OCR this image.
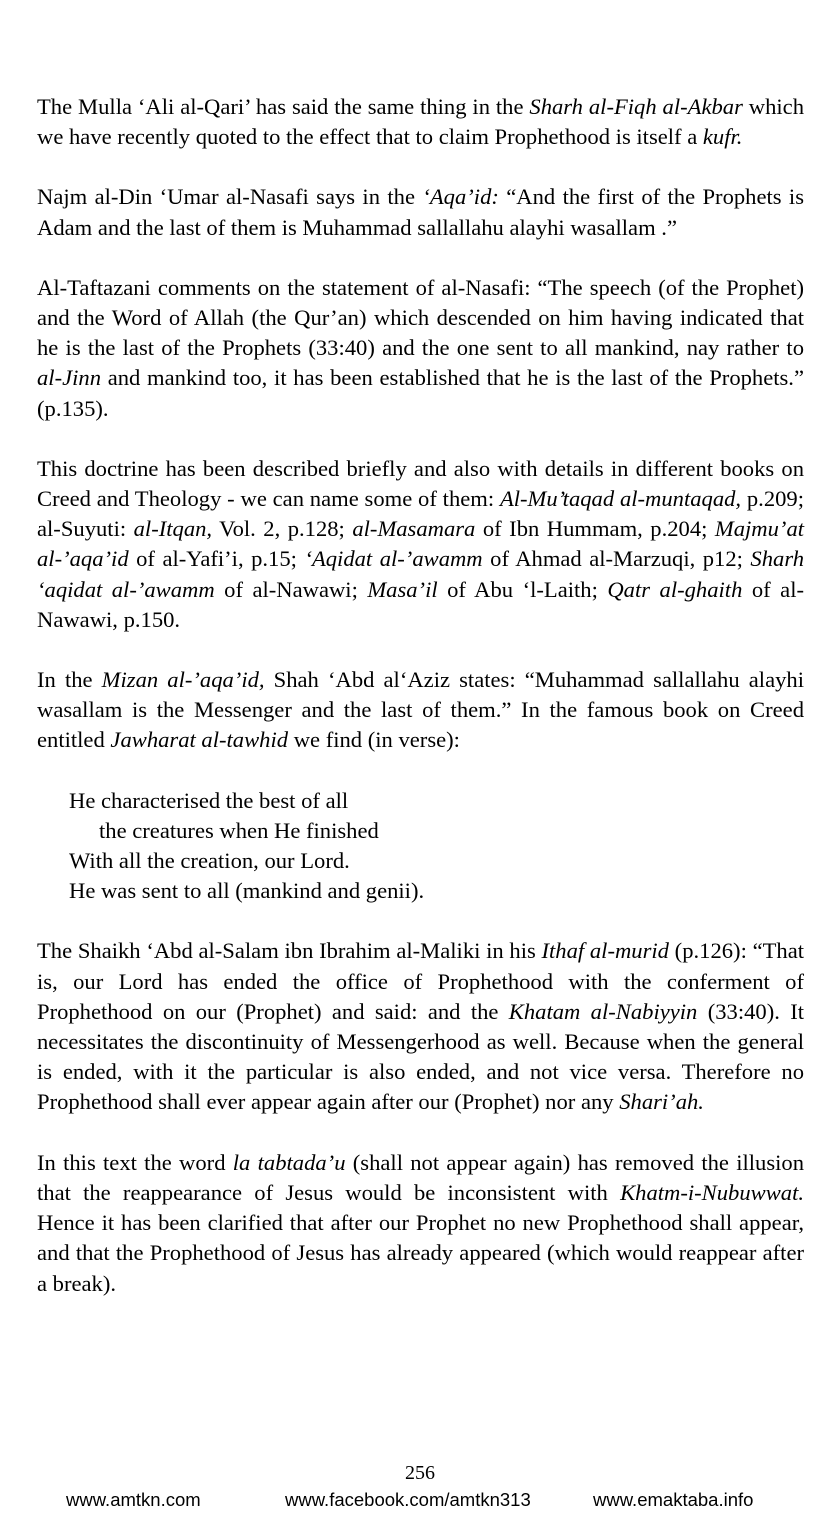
The Mulla ‘Ali al-Qari’ has said the same thing in the Sharh al-Fiqh al-Akbar which we have recently quoted to the effect that to claim Prophethood is itself a kufr.

Najm al-Din ‘Umar al-Nasafi says in the ‘Aqa’id: “And the first of the Prophets is Adam and the last of them is Muhammad sallallahu alayhi wasallam .”

Al-Taftazani comments on the statement of al-Nasafi: “The speech (of the Prophet) and the Word of Allah (the Qur’an) which descended on him having indicated that he is the last of the Prophets (33:40) and the one sent to all mankind, nay rather to al-Jinn and mankind too, it has been established that he is the last of the Prophets.” (p.135).

This doctrine has been described briefly and also with details in different books on Creed and Theology - we can name some of them: Al-Mu’taqad al-muntaqad, p.209; al-Suyuti: al-Itqan, Vol. 2, p.128; al-Masamara of Ibn Hummam, p.204; Majmu’at al-’aqa’id of al-Yafi’i, p.15; ‘Aqidat al-’awamm of Ahmad al-Marzuqi, p12; Sharh ‘aqidat al-’awamm of al-Nawawi; Masa’il of Abu ‘l-Laith; Qatr al-ghaith of al-Nawawi, p.150.

In the Mizan al-’aqa’id, Shah ‘Abd al‘Aziz states: “Muhammad sallallahu alayhi wasallam is the Messenger and the last of them.” In the famous book on Creed entitled Jawharat al-tawhid we find (in verse):

He characterised the best of all
the creatures when He finished
With all the creation, our Lord.
He was sent to all (mankind and genii).

The Shaikh ‘Abd al-Salam ibn Ibrahim al-Maliki in his Ithaf al-murid (p.126): “That is, our Lord has ended the office of Prophethood with the conferment of Prophethood on our (Prophet) and said: and the Khatam al-Nabiyyin (33:40). It necessitates the discontinuity of Messengerhood as well. Because when the general is ended, with it the particular is also ended, and not vice versa. Therefore no Prophethood shall ever appear again after our (Prophet) nor any Shari’ah.

In this text the word la tabtada’u (shall not appear again) has removed the illusion that the reappearance of Jesus would be inconsistent with Khatm-i-Nubuwwat. Hence it has been clarified that after our Prophet no new Prophethood shall appear, and that the Prophethood of Jesus has already appeared (which would reappear after a break).

256
www.amtkn.com	www.facebook.com/amtkn313	www.emaktaba.info
